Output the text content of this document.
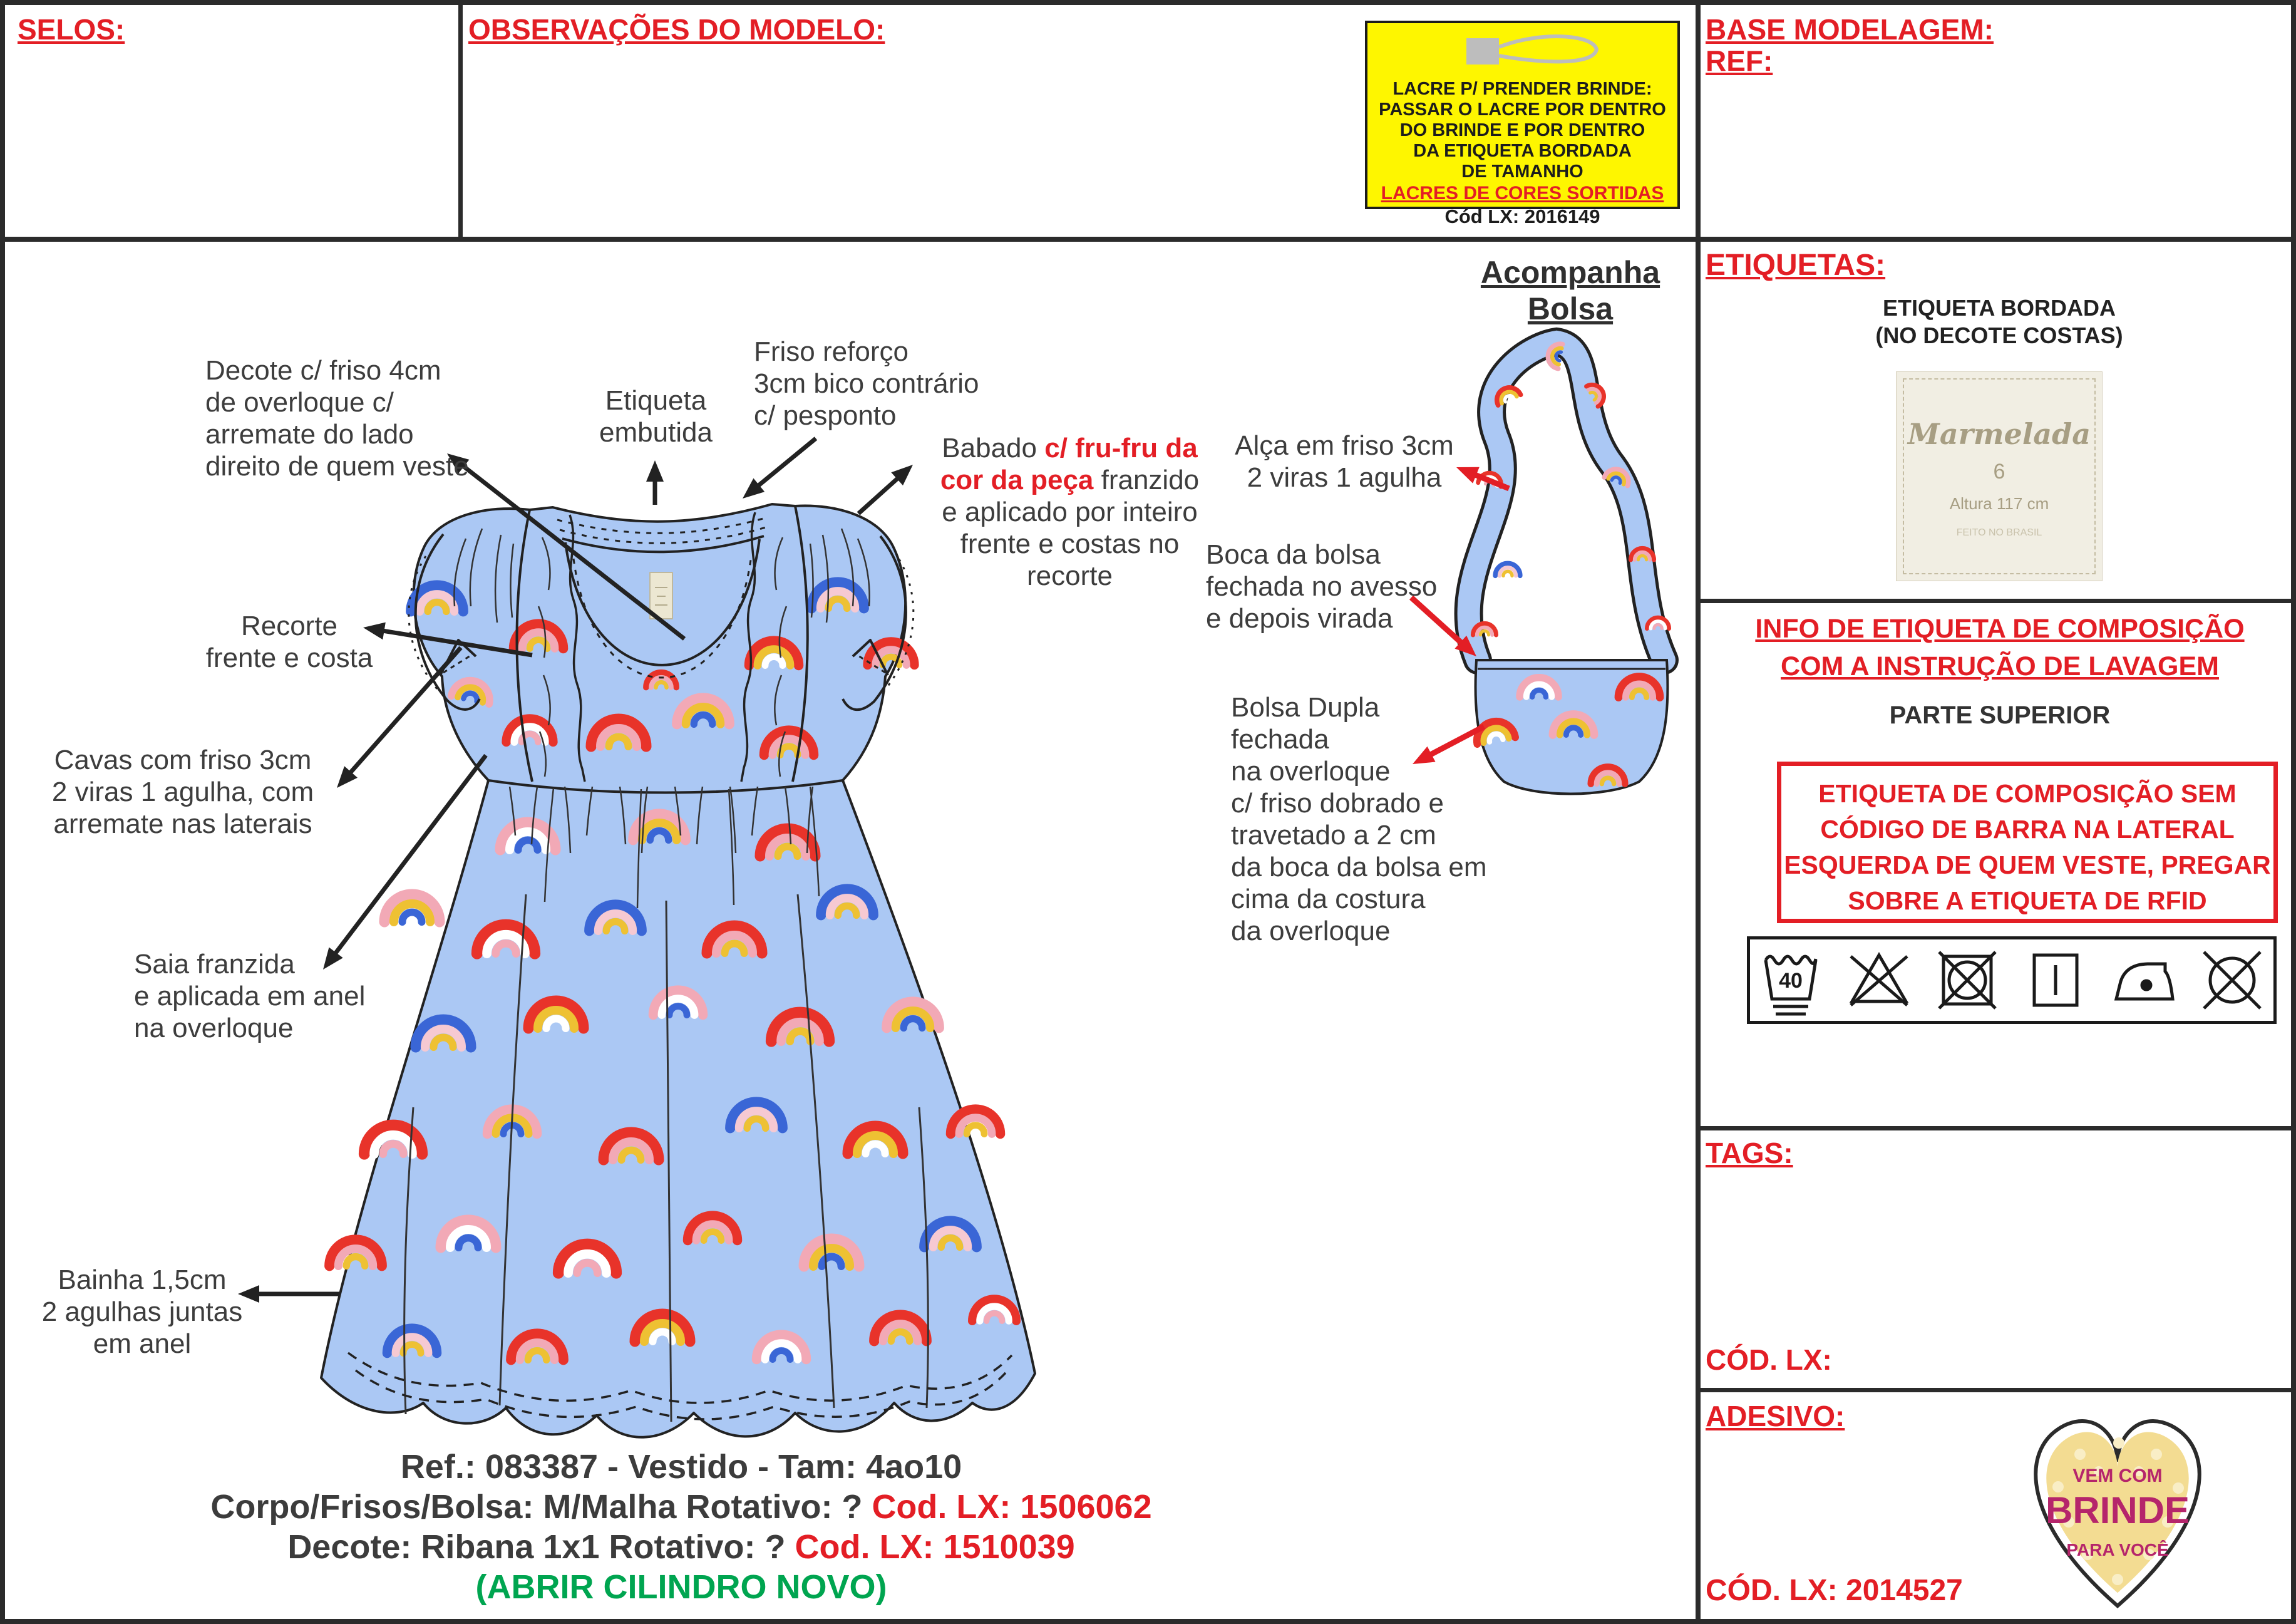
40
VEM COM
BRINDE
PARA VOCÊ
SELOS:	OBSERVAÇÕES DO MODELO:	BASE MODELAGEM:
REF:
LACRE P/ PRENDER BRINDE:
PASSAR O LACRE POR DENTRO
DO BRINDE E POR DENTRO
DA ETIQUETA BORDADA
DE TAMANHO
LACRES DE CORES SORTIDAS
Cód LX: 2016149
Acompanha
Bolsa
Decote c/ friso 4cm
de overloque c/
arremate do lado
direito de quem veste
Etiqueta
embutida
Friso reforço
3cm bico contrário
c/ pesponto
Babado c/ fru-fru da
cor da peça franzido
e aplicado por inteiro
frente e costas no
recorte
Recorte
frente e costa
Cavas com friso 3cm
2 viras 1 agulha, com
arremate nas laterais
Saia franzida
e aplicada em anel
na overloque
Bainha 1,5cm
2 agulhas juntas
em anel
Alça em friso 3cm
2 viras 1 agulha
Boca da bolsa
fechada no avesso
e depois virada
Bolsa Dupla
fechada
na overloque
c/ friso dobrado e
travetado a 2 cm
da boca da bolsa em
cima da costura
da overloque
Ref.: 083387 - Vestido - Tam: 4ao10
Corpo/Frisos/Bolsa: M/Malha Rotativo: ? Cod. LX: 1506062
Decote: Ribana 1x1 Rotativo: ? Cod. LX: 1510039
(ABRIR CILINDRO NOVO)
ETIQUETAS:
ETIQUETA BORDADA
(NO DECOTE COSTAS)
Marmelada
6
Altura 117 cm
FEITO NO BRASIL
INFO DE ETIQUETA DE COMPOSIÇÃO
COM A INSTRUÇÃO DE LAVAGEM
PARTE SUPERIOR
ETIQUETA DE COMPOSIÇÃO SEM
CÓDIGO DE BARRA NA LATERAL
ESQUERDA DE QUEM VESTE, PREGAR
SOBRE A ETIQUETA DE RFID
TAGS:
CÓD. LX:
ADESIVO:
CÓD. LX: 2014527
